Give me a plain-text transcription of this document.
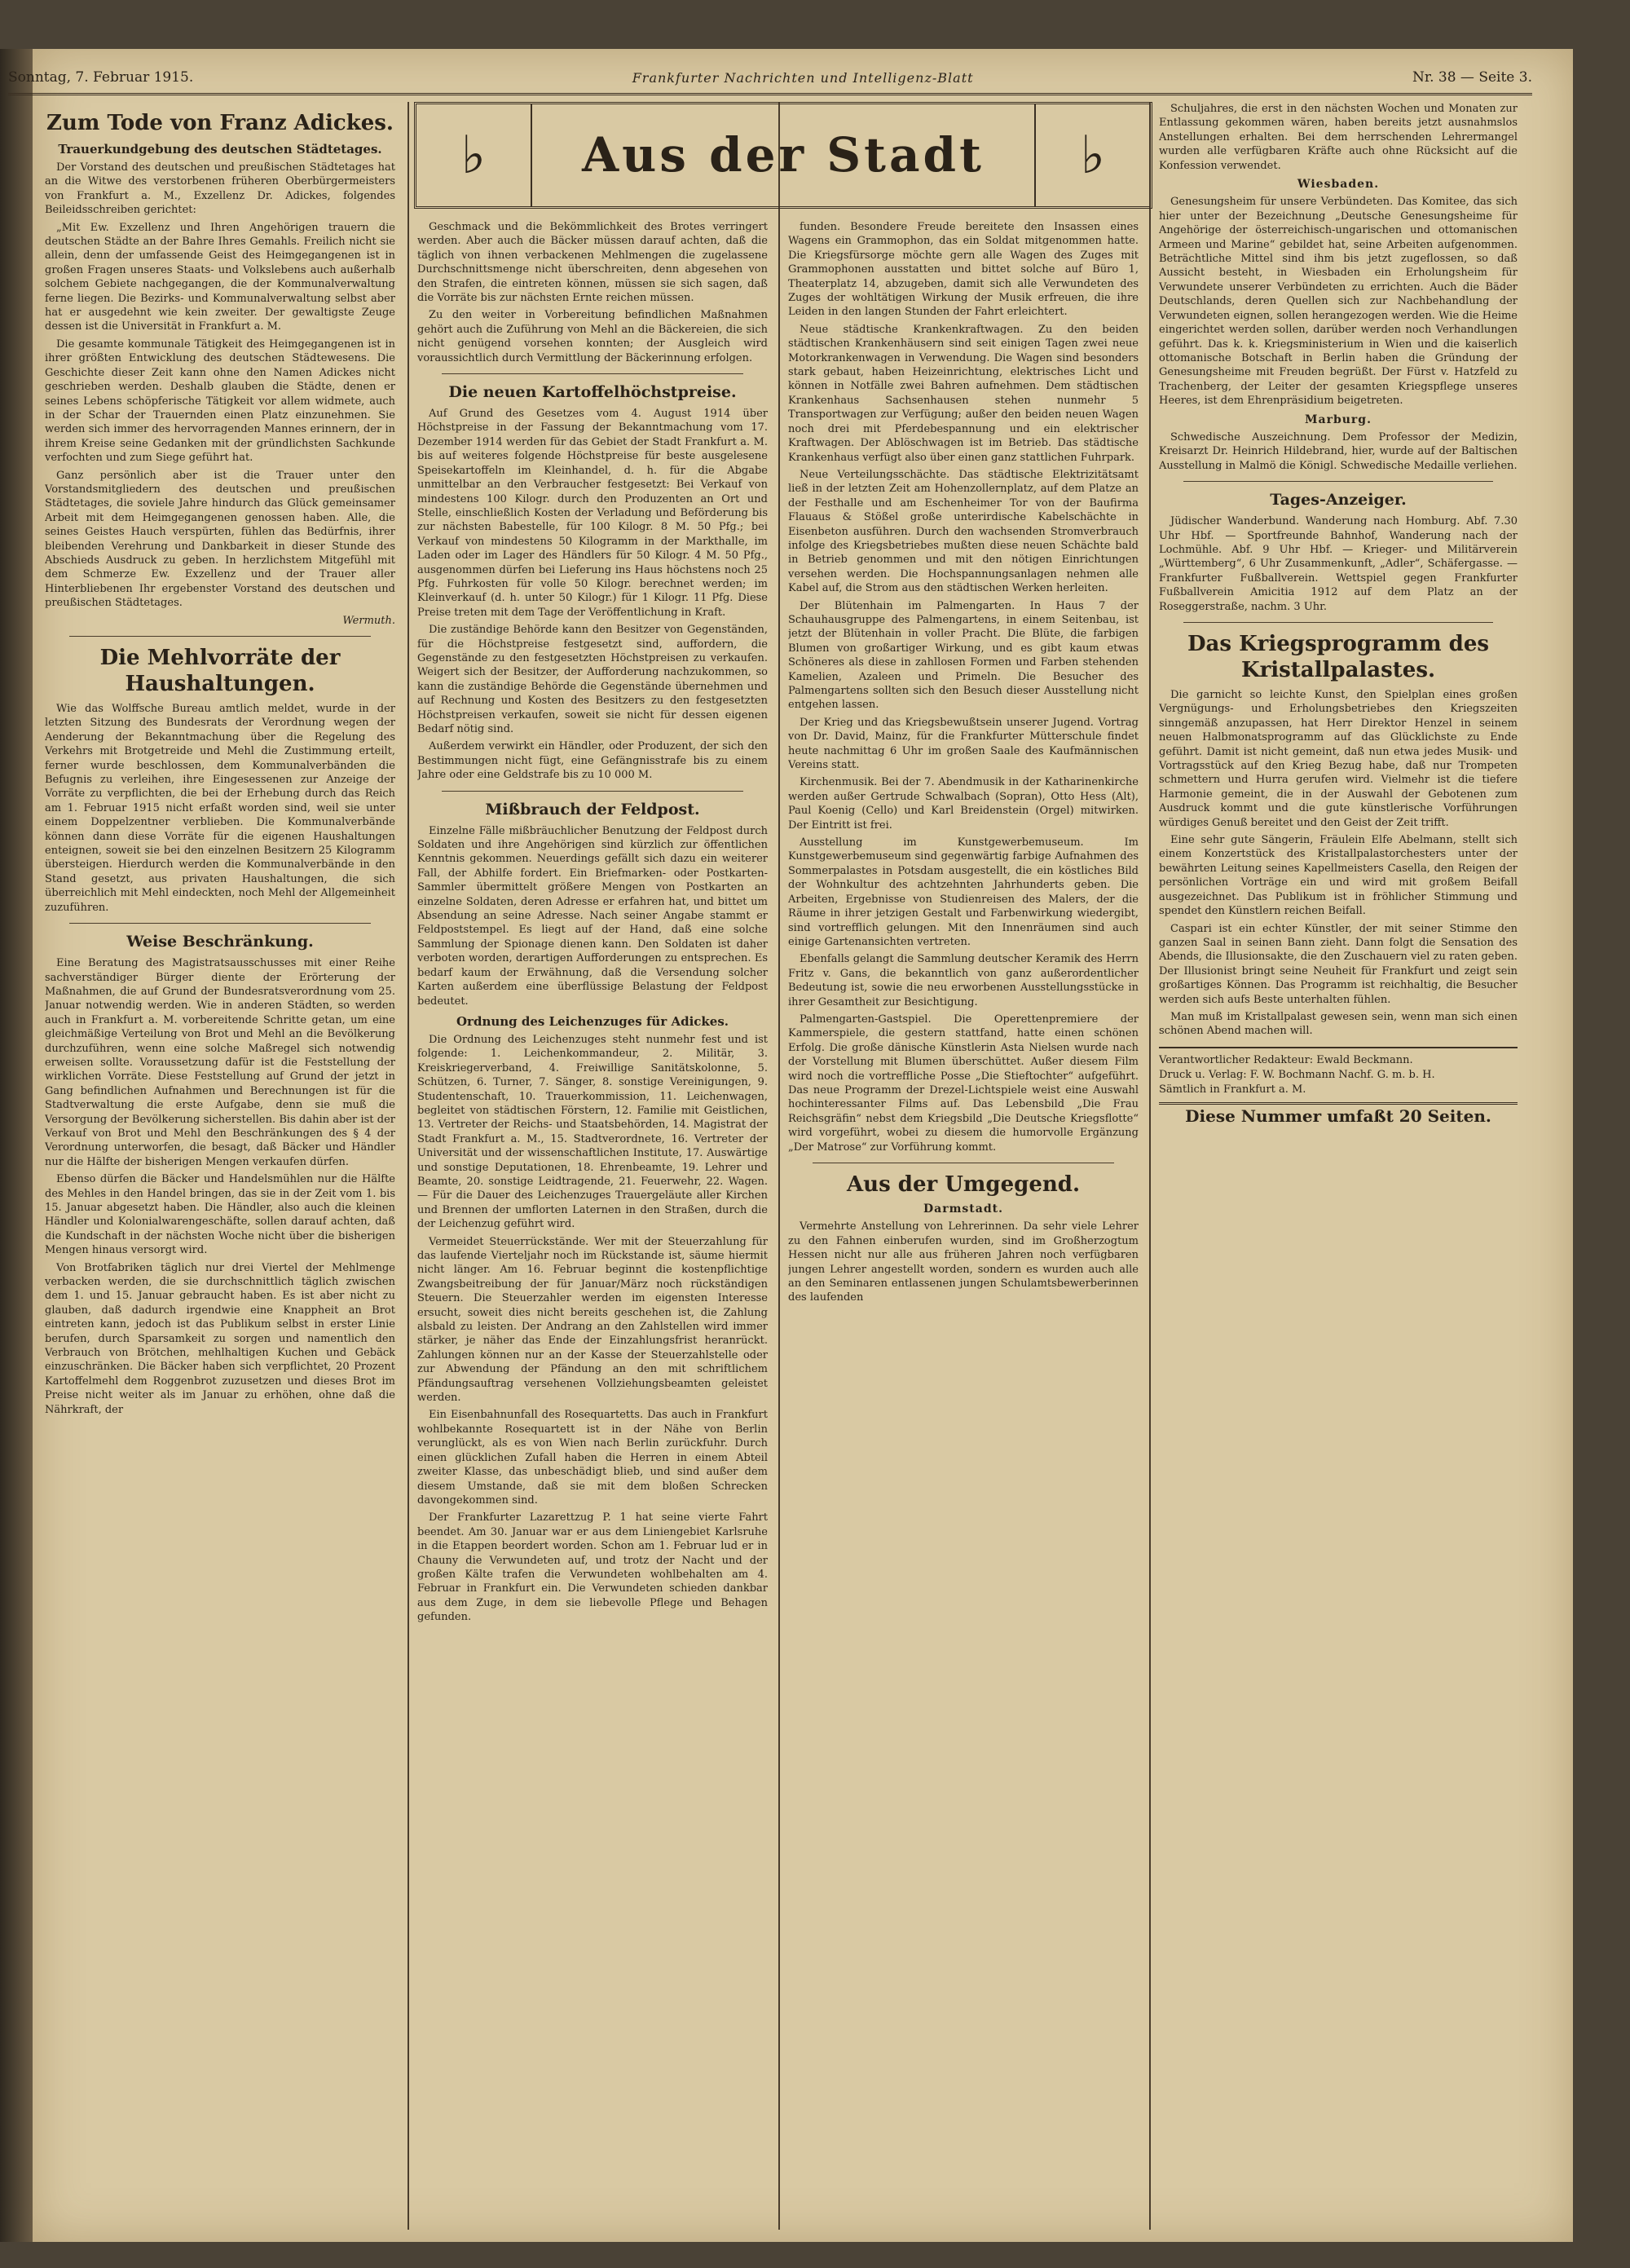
Sonntag, 7. Februar 1915.	Frankfurter Nachrichten und Intelligenz-Blatt	Nr. 38 — Seite 3.
♭	Aus der Stadt	♭
Zum Tode von Franz Adickes.
Trauerkundgebung des deutschen Städtetages.

Der Vorstand des deutschen und preußischen Städtetages hat an die Witwe des verstorbenen früheren Oberbürgermeisters von Frankfurt a. M., Exzellenz Dr. Adickes, folgendes Beileidsschreiben gerichtet:

„Mit Ew. Exzellenz und Ihren Angehörigen trauern die deutschen Städte an der Bahre Ihres Gemahls. Freilich nicht sie allein, denn der umfassende Geist des Heimgegangenen ist in großen Fragen unseres Staats- und Volkslebens auch außerhalb solchem Gebiete nachgegangen, die der Kommunalverwaltung ferne liegen. Die Bezirks- und Kommunalverwaltung selbst aber hat er ausgedehnt wie kein zweiter. Der gewaltigste Zeuge dessen ist die Universität in Frankfurt a. M.

Die gesamte kommunale Tätigkeit des Heimgegangenen ist in ihrer größten Entwicklung des deutschen Städtewesens. Die Geschichte dieser Zeit kann ohne den Namen Adickes nicht geschrieben werden. Deshalb glauben die Städte, denen er seines Lebens schöpferische Tätigkeit vor allem widmete, auch in der Schar der Trauernden einen Platz einzunehmen. Sie werden sich immer des hervorragenden Mannes erinnern, der in ihrem Kreise seine Gedanken mit der gründlichsten Sachkunde verfochten und zum Siege geführt hat.

Ganz persönlich aber ist die Trauer unter den Vorstandsmitgliedern des deutschen und preußischen Städtetages, die soviele Jahre hindurch das Glück gemeinsamer Arbeit mit dem Heimgegangenen genossen haben. Alle, die seines Geistes Hauch verspürten, fühlen das Bedürfnis, ihrer bleibenden Verehrung und Dankbarkeit in dieser Stunde des Abschieds Ausdruck zu geben. In herzlichstem Mitgefühl mit dem Schmerze Ew. Exzellenz und der Trauer aller Hinterbliebenen Ihr ergebenster Vorstand des deutschen und preußischen Städtetages.

Wermuth.
Die Mehlvorräte der Haushaltungen.

Wie das Wolffsche Bureau amtlich meldet, wurde in der letzten Sitzung des Bundesrats der Verordnung wegen der Aenderung der Bekanntmachung über die Regelung des Verkehrs mit Brotgetreide und Mehl die Zustimmung erteilt, ferner wurde beschlossen, dem Kommunalverbänden die Befugnis zu verleihen, ihre Eingesessenen zur Anzeige der Vorräte zu verpflichten, die bei der Erhebung durch das Reich am 1. Februar 1915 nicht erfaßt worden sind, weil sie unter einem Doppelzentner verblieben. Die Kommunalverbände können dann diese Vorräte für die eigenen Haushaltungen enteignen, soweit sie bei den einzelnen Besitzern 25 Kilogramm übersteigen. Hierdurch werden die Kommunalverbände in den Stand gesetzt, aus privaten Haushaltungen, die sich überreichlich mit Mehl eindeckten, noch Mehl der Allgemeinheit zuzuführen.

Weise Beschränkung.

Eine Beratung des Magistratsausschusses mit einer Reihe sachverständiger Bürger diente der Erörterung der Maßnahmen, die auf Grund der Bundesratsverordnung vom 25. Januar notwendig werden. Wie in anderen Städten, so werden auch in Frankfurt a. M. vorbereitende Schritte getan, um eine gleichmäßige Verteilung von Brot und Mehl an die Bevölkerung durchzuführen, wenn eine solche Maßregel sich notwendig erweisen sollte. Voraussetzung dafür ist die Feststellung der wirklichen Vorräte. Diese Feststellung auf Grund der jetzt in Gang befindlichen Aufnahmen und Berechnungen ist für die Stadtverwaltung die erste Aufgabe, denn sie muß die Versorgung der Bevölkerung sicherstellen. Bis dahin aber ist der Verkauf von Brot und Mehl den Beschränkungen des § 4 der Verordnung unterworfen, die besagt, daß Bäcker und Händler nur die Hälfte der bisherigen Mengen verkaufen dürfen.

Ebenso dürfen die Bäcker und Handelsmühlen nur die Hälfte des Mehles in den Handel bringen, das sie in der Zeit vom 1. bis 15. Januar abgesetzt haben. Die Händler, also auch die kleinen Händler und Kolonialwarengeschäfte, sollen darauf achten, daß die Kundschaft in der nächsten Woche nicht über die bisherigen Mengen hinaus versorgt wird.

Von Brotfabriken täglich nur drei Viertel der Mehlmenge verbacken werden, die sie durchschnittlich täglich zwischen dem 1. und 15. Januar gebraucht haben. Es ist aber nicht zu glauben, daß dadurch irgendwie eine Knappheit an Brot eintreten kann, jedoch ist das Publikum selbst in erster Linie berufen, durch Sparsamkeit zu sorgen und namentlich den Verbrauch von Brötchen, mehlhaltigen Kuchen und Gebäck einzuschränken. Die Bäcker haben sich verpflichtet, 20 Prozent Kartoffelmehl dem Roggenbrot zuzusetzen und dieses Brot im Preise nicht weiter als im Januar zu erhöhen, ohne daß die Nährkraft, der

Geschmack und die Bekömmlichkeit des Brotes verringert werden. Aber auch die Bäcker müssen darauf achten, daß die täglich von ihnen verbackenen Mehlmengen die zugelassene Durchschnittsmenge nicht überschreiten, denn abgesehen von den Strafen, die eintreten können, müssen sie sich sagen, daß die Vorräte bis zur nächsten Ernte reichen müssen.

Zu den weiter in Vorbereitung befindlichen Maßnahmen gehört auch die Zuführung von Mehl an die Bäckereien, die sich nicht genügend vorsehen konnten; der Ausgleich wird voraussichtlich durch Vermittlung der Bäckerinnung erfolgen.

Die neuen Kartoffelhöchstpreise.

Auf Grund des Gesetzes vom 4. August 1914 über Höchstpreise in der Fassung der Bekanntmachung vom 17. Dezember 1914 werden für das Gebiet der Stadt Frankfurt a. M. bis auf weiteres folgende Höchstpreise für beste ausgelesene Speisekartoffeln im Kleinhandel, d. h. für die Abgabe unmittelbar an den Verbraucher festgesetzt: Bei Verkauf von mindestens 100 Kilogr. durch den Produzenten an Ort und Stelle, einschließlich Kosten der Verladung und Beförderung bis zur nächsten Babestelle, für 100 Kilogr. 8 M. 50 Pfg.; bei Verkauf von mindestens 50 Kilogramm in der Markthalle, im Laden oder im Lager des Händlers für 50 Kilogr. 4 M. 50 Pfg., ausgenommen dürfen bei Lieferung ins Haus höchstens noch 25 Pfg. Fuhrkosten für volle 50 Kilogr. berechnet werden; im Kleinverkauf (d. h. unter 50 Kilogr.) für 1 Kilogr. 11 Pfg. Diese Preise treten mit dem Tage der Veröffentlichung in Kraft.

Die zuständige Behörde kann den Besitzer von Gegenständen, für die Höchstpreise festgesetzt sind, auffordern, die Gegenstände zu den festgesetzten Höchstpreisen zu verkaufen. Weigert sich der Besitzer, der Aufforderung nachzukommen, so kann die zuständige Behörde die Gegenstände übernehmen und auf Rechnung und Kosten des Besitzers zu den festgesetzten Höchstpreisen verkaufen, soweit sie nicht für dessen eigenen Bedarf nötig sind.

Außerdem verwirkt ein Händler, oder Produzent, der sich den Bestimmungen nicht fügt, eine Gefängnisstrafe bis zu einem Jahre oder eine Geldstrafe bis zu 10 000 M.

Mißbrauch der Feldpost.

Einzelne Fälle mißbräuchlicher Benutzung der Feldpost durch Soldaten und ihre Angehörigen sind kürzlich zur öffentlichen Kenntnis gekommen. Neuerdings gefällt sich dazu ein weiterer Fall, der Abhilfe fordert. Ein Briefmarken- oder Postkarten-Sammler übermittelt größere Mengen von Postkarten an einzelne Soldaten, deren Adresse er erfahren hat, und bittet um Absendung an seine Adresse. Nach seiner Angabe stammt er Feldpoststempel. Es liegt auf der Hand, daß eine solche Sammlung der Spionage dienen kann. Den Soldaten ist daher verboten worden, derartigen Aufforderungen zu entsprechen. Es bedarf kaum der Erwähnung, daß die Versendung solcher Karten außerdem eine überflüssige Belastung der Feldpost bedeutet.

Ordnung des Leichenzuges für Adickes.

Die Ordnung des Leichenzuges steht nunmehr fest und ist folgende: 1. Leichenkommandeur, 2. Militär, 3. Kreiskriegerverband, 4. Freiwillige Sanitätskolonne, 5. Schützen, 6. Turner, 7. Sänger, 8. sonstige Vereinigungen, 9. Studentenschaft, 10. Trauerkommission, 11. Leichenwagen, begleitet von städtischen Förstern, 12. Familie mit Geistlichen, 13. Vertreter der Reichs- und Staatsbehörden, 14. Magistrat der Stadt Frankfurt a. M., 15. Stadtverordnete, 16. Vertreter der Universität und der wissenschaftlichen Institute, 17. Auswärtige und sonstige Deputationen, 18. Ehrenbeamte, 19. Lehrer und Beamte, 20. sonstige Leidtragende, 21. Feuerwehr, 22. Wagen. — Für die Dauer des Leichenzuges Trauergeläute aller Kirchen und Brennen der umflorten Laternen in den Straßen, durch die der Leichenzug geführt wird.

Vermeidet Steuerrückstände. Wer mit der Steuerzahlung für das laufende Vierteljahr noch im Rückstande ist, säume hiermit nicht länger. Am 16. Februar beginnt die kostenpflichtige Zwangsbeitreibung der für Januar/März noch rückständigen Steuern. Die Steuerzahler werden im eigensten Interesse ersucht, soweit dies nicht bereits geschehen ist, die Zahlung alsbald zu leisten. Der Andrang an den Zahlstellen wird immer stärker, je näher das Ende der Einzahlungsfrist heranrückt. Zahlungen können nur an der Kasse der Steuerzahlstelle oder zur Abwendung der Pfändung an den mit schriftlichem Pfändungsauftrag versehenen Vollziehungsbeamten geleistet werden.

Ein Eisenbahnunfall des Rosequartetts. Das auch in Frankfurt wohlbekannte Rosequartett ist in der Nähe von Berlin verunglückt, als es von Wien nach Berlin zurückfuhr. Durch einen glücklichen Zufall haben die Herren in einem Abteil zweiter Klasse, das unbeschädigt blieb, und sind außer dem diesem Umstande, daß sie mit dem bloßen Schrecken davongekommen sind.

Der Frankfurter Lazarettzug P. 1 hat seine vierte Fahrt beendet. Am 30. Januar war er aus dem Liniengebiet Karlsruhe in die Etappen beordert worden. Schon am 1. Februar lud er in Chauny die Verwundeten auf, und trotz der Nacht und der großen Kälte trafen die Verwundeten wohlbehalten am 4. Februar in Frankfurt ein. Die Verwundeten schieden dankbar aus dem Zuge, in dem sie liebevolle Pflege und Behagen gefunden.

funden. Besondere Freude bereitete den Insassen eines Wagens ein Grammophon, das ein Soldat mitgenommen hatte. Die Kriegsfürsorge möchte gern alle Wagen des Zuges mit Grammophonen ausstatten und bittet solche auf Büro 1, Theaterplatz 14, abzugeben, damit sich alle Verwundeten des Zuges der wohltätigen Wirkung der Musik erfreuen, die ihre Leiden in den langen Stunden der Fahrt erleichtert.

Neue städtische Krankenkraftwagen. Zu den beiden städtischen Krankenhäusern sind seit einigen Tagen zwei neue Motorkrankenwagen in Verwendung. Die Wagen sind besonders stark gebaut, haben Heizeinrichtung, elektrisches Licht und können in Notfälle zwei Bahren aufnehmen. Dem städtischen Krankenhaus Sachsenhausen stehen nunmehr 5 Transportwagen zur Verfügung; außer den beiden neuen Wagen noch drei mit Pferdebespannung und ein elektrischer Kraftwagen. Der Ablöschwagen ist im Betrieb. Das städtische Krankenhaus verfügt also über einen ganz stattlichen Fuhrpark.

Neue Verteilungsschächte. Das städtische Elektrizitätsamt ließ in der letzten Zeit am Hohenzollernplatz, auf dem Platze an der Festhalle und am Eschenheimer Tor von der Baufirma Flauaus & Stößel große unterirdische Kabelschächte in Eisenbeton ausführen. Durch den wachsenden Stromverbrauch infolge des Kriegsbetriebes mußten diese neuen Schächte bald in Betrieb genommen und mit den nötigen Einrichtungen versehen werden. Die Hochspannungsanlagen nehmen alle Kabel auf, die Strom aus den städtischen Werken herleiten.

Der Blütenhain im Palmengarten. In Haus 7 der Schauhausgruppe des Palmengartens, in einem Seitenbau, ist jetzt der Blütenhain in voller Pracht. Die Blüte, die farbigen Blumen von großartiger Wirkung, und es gibt kaum etwas Schöneres als diese in zahllosen Formen und Farben stehenden Kamelien, Azaleen und Primeln. Die Besucher des Palmengartens sollten sich den Besuch dieser Ausstellung nicht entgehen lassen.

Der Krieg und das Kriegsbewußtsein unserer Jugend. Vortrag von Dr. David, Mainz, für die Frankfurter Mütterschule findet heute nachmittag 6 Uhr im großen Saale des Kaufmännischen Vereins statt.

Kirchenmusik. Bei der 7. Abendmusik in der Katharinenkirche werden außer Gertrude Schwalbach (Sopran), Otto Hess (Alt), Paul Koenig (Cello) und Karl Breidenstein (Orgel) mitwirken. Der Eintritt ist frei.

Ausstellung im Kunstgewerbemuseum. Im Kunstgewerbemuseum sind gegenwärtig farbige Aufnahmen des Sommerpalastes in Potsdam ausgestellt, die ein köstliches Bild der Wohnkultur des achtzehnten Jahrhunderts geben. Die Arbeiten, Ergebnisse von Studienreisen des Malers, der die Räume in ihrer jetzigen Gestalt und Farbenwirkung wiedergibt, sind vortrefflich gelungen. Mit den Innenräumen sind auch einige Gartenansichten vertreten.

Ebenfalls gelangt die Sammlung deutscher Keramik des Herrn Fritz v. Gans, die bekanntlich von ganz außerordentlicher Bedeutung ist, sowie die neu erworbenen Ausstellungsstücke in ihrer Gesamtheit zur Besichtigung.

Palmengarten-Gastspiel. Die Operettenpremiere der Kammerspiele, die gestern stattfand, hatte einen schönen Erfolg. Die große dänische Künstlerin Asta Nielsen wurde nach der Vorstellung mit Blumen überschüttet. Außer diesem Film wird noch die vortreffliche Posse „Die Stieftochter“ aufgeführt. Das neue Programm der Drezel-Lichtspiele weist eine Auswahl hochinteressanter Films auf. Das Lebensbild „Die Frau Reichsgräfin“ nebst dem Kriegsbild „Die Deutsche Kriegsflotte“ wird vorgeführt, wobei zu diesem die humorvolle Ergänzung „Der Matrose“ zur Vorführung kommt.

Aus der Umgegend.
Darmstadt.

Vermehrte Anstellung von Lehrerinnen. Da sehr viele Lehrer zu den Fahnen einberufen wurden, sind im Großherzogtum Hessen nicht nur alle aus früheren Jahren noch verfügbaren jungen Lehrer angestellt worden, sondern es wurden auch alle an den Seminaren entlassenen jungen Schulamtsbewerberinnen des laufenden

Schuljahres, die erst in den nächsten Wochen und Monaten zur Entlassung gekommen wären, haben bereits jetzt ausnahmslos Anstellungen erhalten. Bei dem herrschenden Lehrermangel wurden alle verfügbaren Kräfte auch ohne Rücksicht auf die Konfession verwendet.

Wiesbaden.

Genesungsheim für unsere Verbündeten. Das Komitee, das sich hier unter der Bezeichnung „Deutsche Genesungsheime für Angehörige der österreichisch-ungarischen und ottomanischen Armeen und Marine“ gebildet hat, seine Arbeiten aufgenommen. Beträchtliche Mittel sind ihm bis jetzt zugeflossen, so daß Aussicht besteht, in Wiesbaden ein Erholungsheim für Verwundete unserer Verbündeten zu errichten. Auch die Bäder Deutschlands, deren Quellen sich zur Nachbehandlung der Verwundeten eignen, sollen herangezogen werden. Wie die Heime eingerichtet werden sollen, darüber werden noch Verhandlungen geführt. Das k. k. Kriegsministerium in Wien und die kaiserlich ottomanische Botschaft in Berlin haben die Gründung der Genesungsheime mit Freuden begrüßt. Der Fürst v. Hatzfeld zu Trachenberg, der Leiter der gesamten Kriegspflege unseres Heeres, ist dem Ehrenpräsidium beigetreten.

Marburg.

Schwedische Auszeichnung. Dem Professor der Medizin, Kreisarzt Dr. Heinrich Hildebrand, hier, wurde auf der Baltischen Ausstellung in Malmö die Königl. Schwedische Medaille verliehen.

Tages-Anzeiger.

Jüdischer Wanderbund. Wanderung nach Homburg. Abf. 7.30 Uhr Hbf. — Sportfreunde Bahnhof, Wanderung nach der Lochmühle. Abf. 9 Uhr Hbf. — Krieger- und Militärverein „Württemberg“, 6 Uhr Zusammenkunft, „Adler“, Schäfergasse. — Frankfurter Fußballverein. Wettspiel gegen Frankfurter Fußballverein Amicitia 1912 auf dem Platz an der Roseggerstraße, nachm. 3 Uhr.

Das Kriegsprogramm des Kristallpalastes.

Die garnicht so leichte Kunst, den Spielplan eines großen Vergnügungs- und Erholungsbetriebes den Kriegszeiten sinngemäß anzupassen, hat Herr Direktor Henzel in seinem neuen Halbmonatsprogramm auf das Glücklichste zu Ende geführt. Damit ist nicht gemeint, daß nun etwa jedes Musik- und Vortragsstück auf den Krieg Bezug habe, daß nur Trompeten schmettern und Hurra gerufen wird. Vielmehr ist die tiefere Harmonie gemeint, die in der Auswahl der Gebotenen zum Ausdruck kommt und die gute künstlerische Vorführungen würdiges Genuß bereitet und den Geist der Zeit trifft.

Eine sehr gute Sängerin, Fräulein Elfe Abelmann, stellt sich einem Konzertstück des Kristallpalastorchesters unter der bewährten Leitung seines Kapellmeisters Casella, den Reigen der persönlichen Vorträge ein und wird mit großem Beifall ausgezeichnet. Das Publikum ist in fröhlicher Stimmung und spendet den Künstlern reichen Beifall.

Caspari ist ein echter Künstler, der mit seiner Stimme den ganzen Saal in seinen Bann zieht. Dann folgt die Sensation des Abends, die Illusionsakte, die den Zuschauern viel zu raten geben. Der Illusionist bringt seine Neuheit für Frankfurt und zeigt sein großartiges Können. Das Programm ist reichhaltig, die Besucher werden sich aufs Beste unterhalten fühlen.

Man muß im Kristallpalast gewesen sein, wenn man sich einen schönen Abend machen will.

Verantwortlicher Redakteur: Ewald Beckmann.
Druck u. Verlag: F. W. Bochmann Nachf. G. m. b. H.
Sämtlich in Frankfurt a. M.
Diese Nummer umfaßt 20 Seiten.
